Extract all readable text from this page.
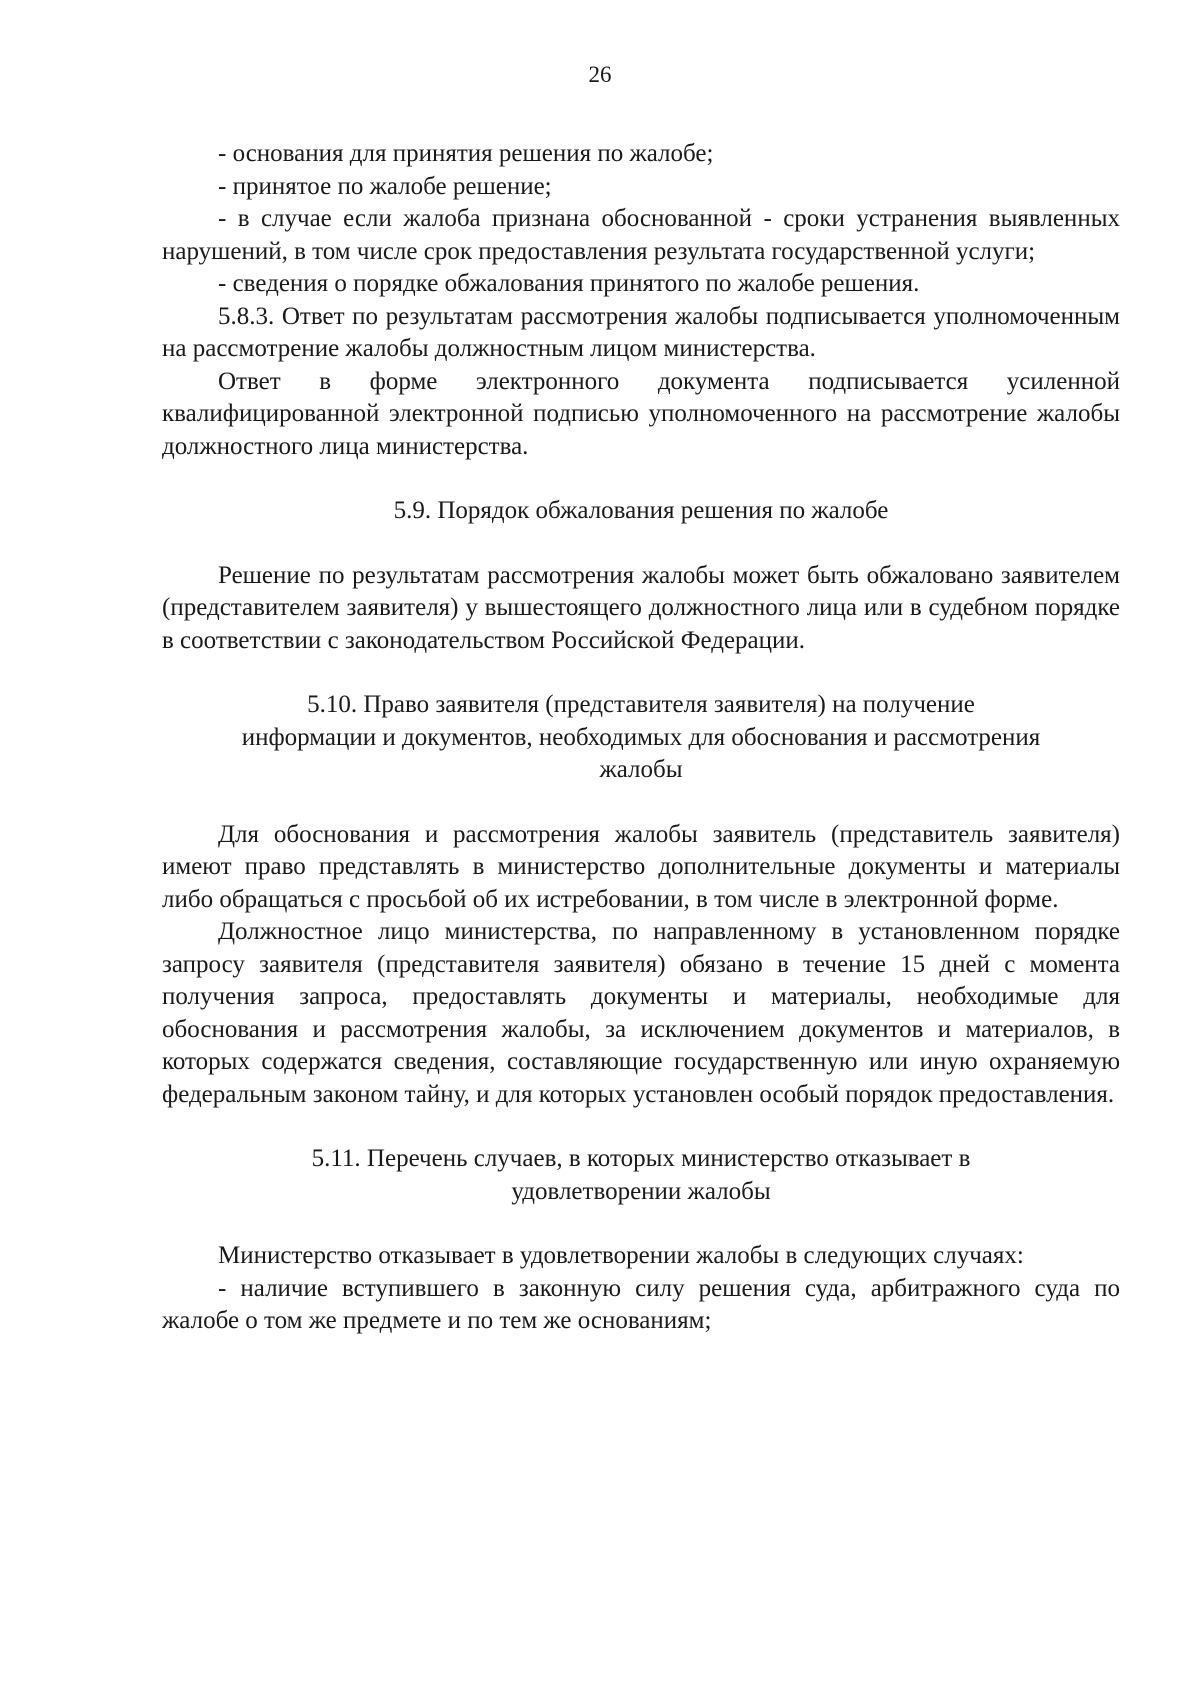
26

- основания для принятия решения по жалобе;

- принятое по жалобе решение;

- в случае если жалоба признана обоснованной - сроки устранения выявленных нарушений, в том числе срок предоставления результата государственной услуги;

- сведения о порядке обжалования принятого по жалобе решения.

5.8.3. Ответ по результатам рассмотрения жалобы подписывается уполномоченным на рассмотрение жалобы должностным лицом министерства.

Ответ в форме электронного документа подписывается усиленной квалифицированной электронной подписью уполномоченного на рассмотрение жалобы должностного лица министерства.

5.9. Порядок обжалования решения по жалобе

Решение по результатам рассмотрения жалобы может быть обжаловано заявителем (представителем заявителя) у вышестоящего должностного лица или в судебном порядке в соответствии с законодательством Российской Федерации.

5.10. Право заявителя (представителя заявителя) на получение
информации и документов, необходимых для обоснования и рассмотрения
жалобы

Для обоснования и рассмотрения жалобы заявитель (представитель заявителя) имеют право представлять в министерство дополнительные документы и материалы либо обращаться с просьбой об их истребовании, в том числе в электронной форме.

Должностное лицо министерства, по направленному в установленном порядке запросу заявителя (представителя заявителя) обязано в течение 15 дней с момента получения запроса, предоставлять документы и материалы, необходимые для обоснования и рассмотрения жалобы, за исключением документов и материалов, в которых содержатся сведения, составляющие государственную или иную охраняемую федеральным законом тайну, и для которых установлен особый порядок предоставления.

5.11. Перечень случаев, в которых министерство отказывает в
удовлетворении жалобы

Министерство отказывает в удовлетворении жалобы в следующих случаях:

- наличие вступившего в законную силу решения суда, арбитражного суда по жалобе о том же предмете и по тем же основаниям;
